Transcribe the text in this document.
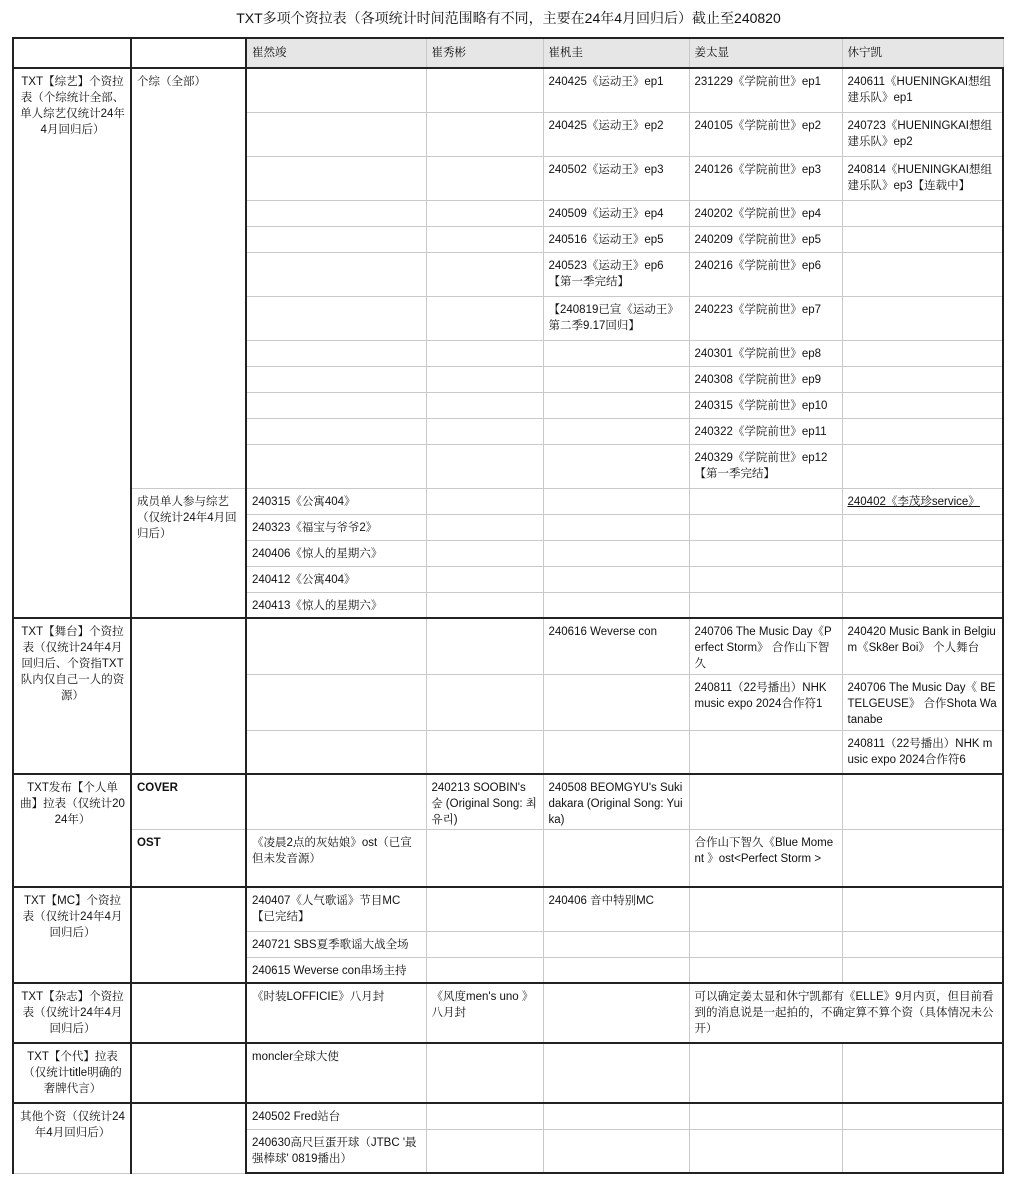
TXT多项个资拉表（各项统计时间范围略有不同，主要在24年4月回归后）截止至240820
		崔然竣	崔秀彬	崔杋圭	姜太显	休宁凯
TXT【综艺】个资拉表（个综统计全部、单人综艺仅统计24年4月回归后）	个综（全部）			240425《运动王》ep1	231229《学院前世》ep1	240611《HUENINGKAI想组建乐队》ep1
				240425《运动王》ep2	240105《学院前世》ep2	240723《HUENINGKAI想组建乐队》ep2
				240502《运动王》ep3	240126《学院前世》ep3	240814《HUENINGKAI想组建乐队》ep3【连载中】
				240509《运动王》ep4	240202《学院前世》ep4	
				240516《运动王》ep5	240209《学院前世》ep5	
				240523《运动王》ep6【第一季完结】	240216《学院前世》ep6	
				【240819已宣《运动王》第二季9.17回归】	240223《学院前世》ep7	
					240301《学院前世》ep8	
					240308《学院前世》ep9	
					240315《学院前世》ep10	
					240322《学院前世》ep11	
					240329《学院前世》ep12【第一季完结】	
	成员单人参与综艺（仅统计24年4月回归后）	240315《公寓404》				240402《李茂珍service》
		240323《福宝与爷爷2》				
		240406《惊人的星期六》				
		240412《公寓404》				
		240413《惊人的星期六》				
TXT【舞台】个资拉表（仅统计24年4月回归后、个资指TXT队内仅自己一人的资源）				240616 Weverse con	240706 The Music Day《Perfect Storm》 合作山下智久	240420 Music Bank in Belgium《Sk8er Boi》 个人舞台
					240811（22号播出）NHK music expo 2024合作符1	240706 The Music Day《 BETELGEUSE》 合作Shota Watanabe
						240811（22号播出）NHK music expo 2024合作符6
TXT发布【个人单曲】拉表（仅统计2024年）	COVER		240213 SOOBIN's 숲 (Original Song: 최유리)	240508 BEOMGYU's Sukidakara (Original Song: Yuika)		
	OST	《凌晨2点的灰姑娘》ost（已宣但未发音源）			合作山下智久《Blue Moment 》ost<Perfect Storm >	
TXT【MC】个资拉表（仅统计24年4月回归后）		240407《人气歌谣》节目MC【已完结】		240406 音中特别MC		
		240721 SBS夏季歌谣大战全场				
		240615 Weverse con串场主持				
TXT【杂志】个资拉表（仅统计24年4月回归后）		《时装LOFFICIE》八月封	《风度men's uno 》八月封		可以确定姜太显和休宁凯都有《ELLE》9月内页，但目前看到的消息说是一起拍的，不确定算不算个资（具体情况未公开）	
TXT【个代】拉表（仅统计title明确的奢牌代言）		moncler全球大使				
其他个资（仅统计24年4月回归后）		240502 Fred站台				
		240630高尺巨蛋开球（JTBC '最强棒球' 0819播出）				
